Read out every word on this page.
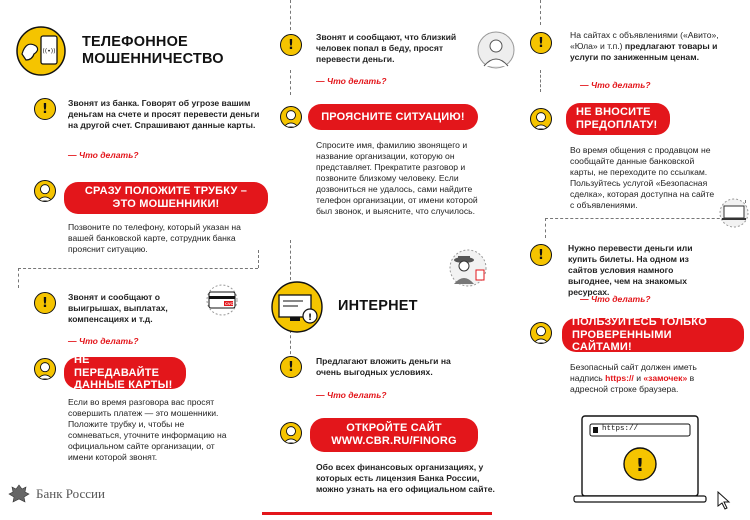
((•))
ТЕЛЕФОННОЕ
МОШЕННИЧЕСТВО
! Звонят из банка. Говорят об угрозе вашим деньгам на счете и просят перевести деньги на другой счет. Спрашивают данные карты.
— Что делать?
СРАЗУ ПОЛОЖИТЕ ТРУБКУ –
ЭТО МОШЕННИКИ!
Позвоните по телефону, который указан на вашей банковской карте, сотрудник банка прояснит ситуацию.
! Звонят и сообщают о выигрышах, выплатах, компенсациях и т.д.
CVC
— Что делать?
НЕ ПЕРЕДАВАЙТЕ
ДАННЫЕ КАРТЫ!
Если во время разговора вас просят совершить платеж — это мошенники. Положите трубку и, чтобы не сомневаться, уточните информацию на официальном сайте организации, от имени которой звонят.
Банк России
!
Звонят и сообщают, что близкий человек попал в беду, просят перевести деньги.
— Что делать?
ПРОЯСНИТЕ СИТУАЦИЮ!
Спросите имя, фамилию звонящего и название организации, которую он представляет. Прекратите разговор и позвоните близкому человеку. Если дозвониться не удалось, сами найдите телефон организации, от имени которой был звонок, и выясните, что случилось.
!
ИНТЕРНЕТ
!	Предлагают вложить деньги на очень выгодных условиях.
— Что делать?
ОТКРОЙТЕ САЙТ
WWW.CBR.RU/FINORG
Обо всех финансовых организациях, у которых есть лицензия Банка России, можно узнать на его официальном сайте.
!
На сайтах с объявлениями («Авито», «Юла» и т.п.) предлагают товары и услуги по заниженным ценам.
— Что делать?
НЕ ВНОСИТЕ
ПРЕДОПЛАТУ!
Во время общения с продавцом не сообщайте данные банковской карты, не переходите по ссылкам. Пользуйтесь услугой «Безопасная сделка», которая доступна на сайте с объявлениями.
!	Нужно перевести деньги или купить билеты. На одном из сайтов условия намного выгоднее, чем на знакомых ресурсах.
— Что делать?
ПОЛЬЗУЙТЕСЬ ТОЛЬКО
ПРОВЕРЕННЫМИ САЙТАМИ!
Безопасный сайт должен иметь надпись https:// и «замочек» в адресной строке браузера.
!
https://
